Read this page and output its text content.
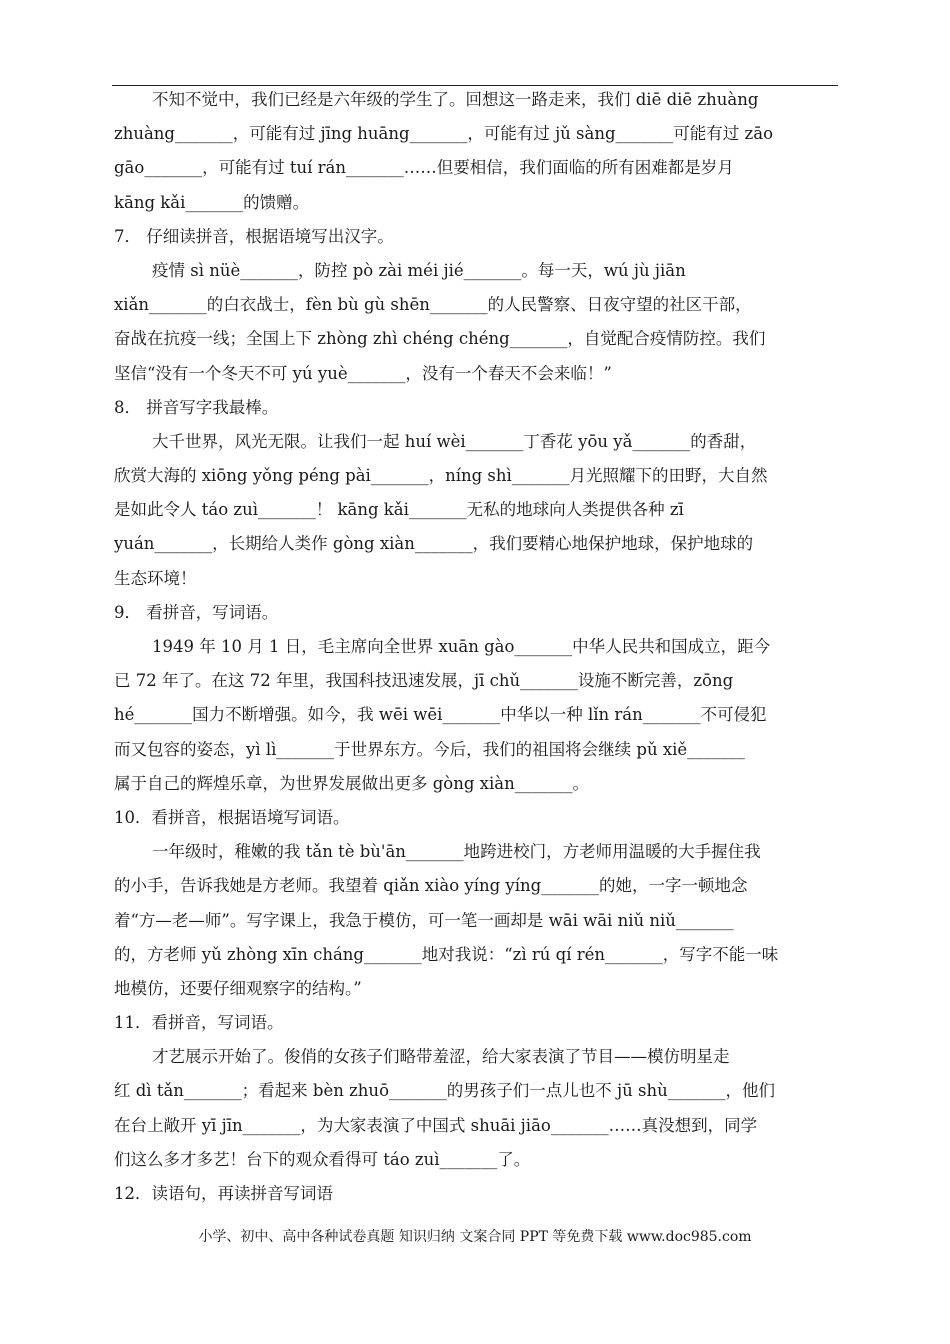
不知不觉中，我们已经是六年级的学生了。回想这一路走来，我们 diē diē zhuàng
zhuàng_______，可能有过 jīng huāng_______，可能有过 jǔ sàng_______可能有过 zāo
gāo_______，可能有过 tuí rán_______……但要相信，我们面临的所有困难都是岁月
kāng kǎi_______的馈赠。
7． 仔细读拼音，根据语境写出汉字。
疫情 sì nüè_______，防控 pò zài méi jié_______。每一天，wú jù jiān
xiǎn_______的白衣战士，fèn bù gù shēn_______的人民警察、日夜守望的社区干部，
奋战在抗疫一线；全国上下 zhòng zhì chéng chéng_______，自觉配合疫情防控。我们
坚信“没有一个冬天不可 yú yuè_______，没有一个春天不会来临！”
8． 拼音写字我最棒。
大千世界，风光无限。让我们一起 huí wèi_______丁香花 yōu yǎ_______的香甜，
欣赏大海的 xiōng yǒng péng pài_______，níng shì_______月光照耀下的田野，大自然
是如此令人 táo zuì_______！ kāng kǎi_______无私的地球向人类提供各种 zī
yuán_______，长期给人类作 gòng xiàn_______，我们要精心地保护地球，保护地球的
生态环境！
9． 看拼音，写词语。
1949 年 10 月 1 日，毛主席向全世界 xuān gào_______中华人民共和国成立，距今
已 72 年了。在这 72 年里，我国科技迅速发展，jī chǔ_______设施不断完善，zōng
hé_______国力不断增强。如今，我 wēi wēi_______中华以一种 lǐn rán_______不可侵犯
而又包容的姿态，yì lì_______于世界东方。今后，我们的祖国将会继续 pǔ xiě_______
属于自己的辉煌乐章，为世界发展做出更多 gòng xiàn_______。
10．看拼音，根据语境写词语。
一年级时，稚嫩的我 tǎn tè bù'ān_______地跨进校门，方老师用温暖的大手握住我
的小手，告诉我她是方老师。我望着 qiǎn xiào yíng yíng_______的她，一字一顿地念
着“方—老—师”。写字课上，我急于模仿，可一笔一画却是 wāi wāi niǔ niǔ_______
的，方老师 yǔ zhòng xīn cháng_______地对我说：“zì rú qí rén_______，写字不能一味
地模仿，还要仔细观察字的结构。”
11．看拼音，写词语。
才艺展示开始了。俊俏的女孩子们略带羞涩，给大家表演了节目——模仿明星走
红 dì tǎn_______；看起来 bèn zhuō_______的男孩子们一点儿也不 jū shù_______，他们
在台上敞开 yī jīn_______，为大家表演了中国式 shuāi jiāo_______……真没想到，同学
们这么多才多艺！台下的观众看得可 táo zuì_______了。
12．读语句，再读拼音写词语
小学、初中、高中各种试卷真题 知识归纳 文案合同 PPT 等免费下载 www.doc985.com
